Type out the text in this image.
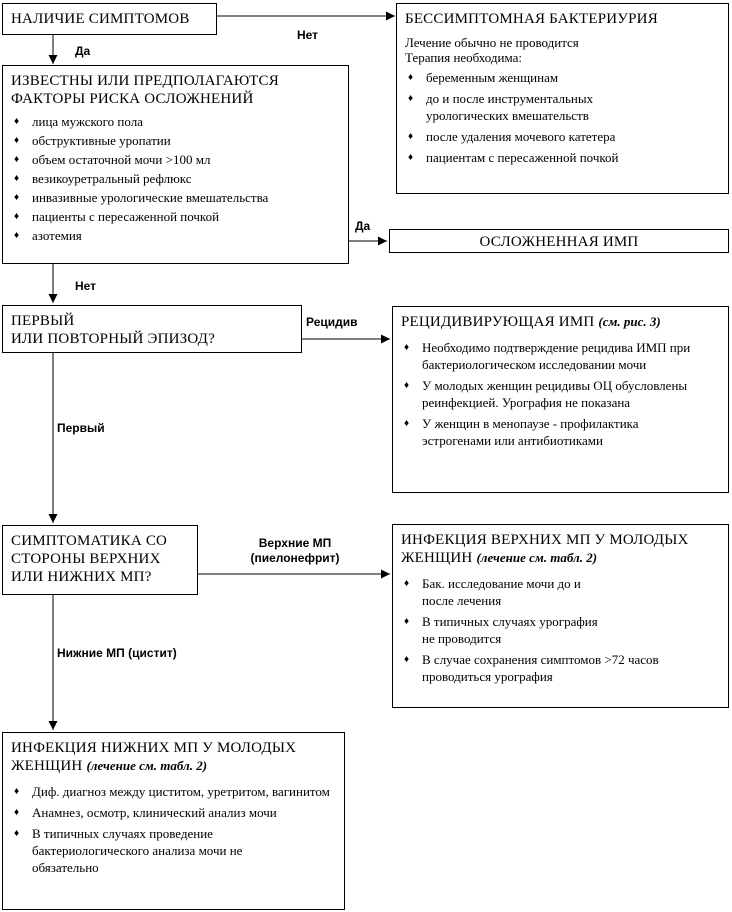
НАЛИЧИЕ СИМПТОМОВ	БЕССИМПТОМНАЯ БАКТЕРИУРИЯ
Лечение обычно не проводится
Терапия необходима:
♦ беременным женщинам
♦ до и после инструментальных урологических вмешательств
♦ после удаления мочевого катетера
♦ пациентам с пересаженной почкой
ИЗВЕСТНЫ ИЛИ ПРЕДПОЛАГАЮТСЯ
ФАКТОРЫ РИСКА ОСЛОЖНЕНИЙ
♦ лица мужского пола
♦ обструктивные уропатии
♦ объем остаточной мочи >100 мл
♦ везикоуретральный рефлюкс
♦ инвазивные урологические вмешательства
♦ пациенты с пересаженной почкой
♦ азотемия	ОСЛОЖНЕННАЯ ИМП
ПЕРВЫЙ
ИЛИ ПОВТОРНЫЙ ЭПИЗОД?
РЕЦИДИВИРУЮЩАЯ ИМП (см. рис. 3)
♦ Необходимо подтверждение рецидива ИМП при бактериологическом исследовании мочи
♦ У молодых женщин рецидивы ОЦ обусловлены реинфекцией. Урография не показана
♦ У женщин в менопаузе - профилактика эстрогенами или антибиотиками
СИМПТОМАТИКА СО
СТОРОНЫ ВЕРХНИХ
ИЛИ НИЖНИХ МП?
ИНФЕКЦИЯ ВЕРХНИХ МП У МОЛОДЫХ
ЖЕНЩИН (лечение см. табл. 2)
♦ Бак. исследование мочи до и после лечения
♦ В типичных случаях урография не проводится
♦ В случае сохранения симптомов >72 часов проводиться урография
ИНФЕКЦИЯ НИЖНИХ МП У МОЛОДЫХ
ЖЕНЩИН (лечение см. табл. 2)
♦ Диф. диагноз между циститом, уретритом, вагинитом
♦ Анамнез, осмотр, клинический анализ мочи
♦ В типичных случаях проведение бактериологического анализа мочи не обязательно
Нет
Да
Да
Нет
Рецидив
Первый
Верхние МП
(пиелонефрит)
Нижние МП (цистит)
